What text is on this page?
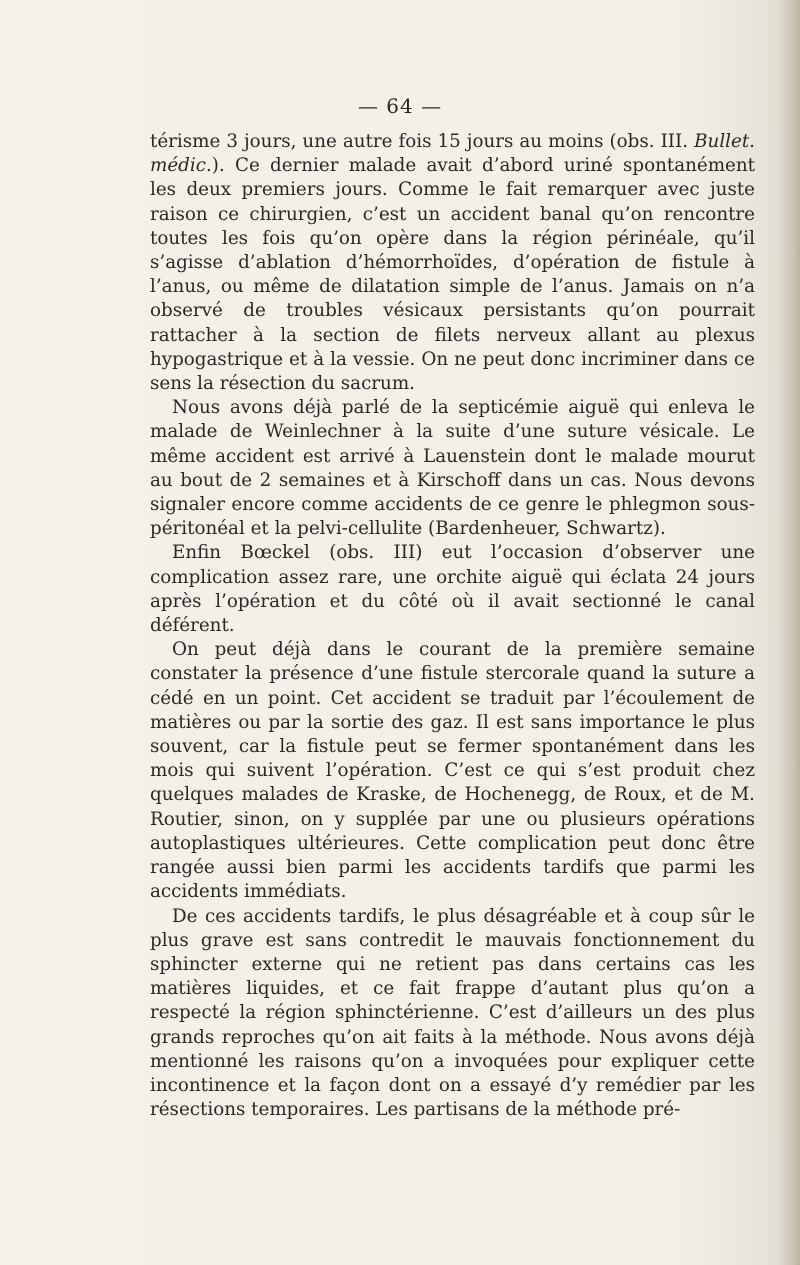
— 64 —

térisme 3 jours, une autre fois 15 jours au moins (obs. III. Bullet. médic.). Ce dernier malade avait d’abord uriné spontanément les deux premiers jours. Comme le fait remarquer avec juste raison ce chirurgien, c’est un accident banal qu’on rencontre toutes les fois qu’on opère dans la région périnéale, qu’il s’agisse d’ablation d’hémorrhoïdes, d’opération de fistule à l’anus, ou même de dilatation simple de l’anus. Jamais on n’a observé de troubles vésicaux persistants qu’on pourrait rattacher à la section de filets nerveux allant au plexus hypogastrique et à la vessie. On ne peut donc incriminer dans ce sens la résection du sacrum.

Nous avons déjà parlé de la septicémie aiguë qui enleva le malade de Weinlechner à la suite d’une suture vésicale. Le même accident est arrivé à Lauenstein dont le malade mourut au bout de 2 semaines et à Kirschoff dans un cas. Nous devons signaler encore comme accidents de ce genre le phlegmon sous-péritonéal et la pelvi-cellulite (Bardenheuer, Schwartz).

Enfin Bœckel (obs. III) eut l’occasion d’observer une complication assez rare, une orchite aiguë qui éclata 24 jours après l’opération et du côté où il avait sectionné le canal déférent.

On peut déjà dans le courant de la première semaine constater la présence d’une fistule stercorale quand la suture a cédé en un point. Cet accident se traduit par l’écoulement de matières ou par la sortie des gaz. Il est sans importance le plus souvent, car la fistule peut se fermer spontanément dans les mois qui suivent l’opération. C’est ce qui s’est produit chez quelques malades de Kraske, de Hochenegg, de Roux, et de M. Routier, sinon, on y supplée par une ou plusieurs opérations autoplastiques ultérieures. Cette complication peut donc être rangée aussi bien parmi les accidents tardifs que parmi les accidents immédiats.

De ces accidents tardifs, le plus désagréable et à coup sûr le plus grave est sans contredit le mauvais fonctionnement du sphincter externe qui ne retient pas dans certains cas les matières liquides, et ce fait frappe d’autant plus qu’on a respecté la région sphinctérienne. C’est d’ailleurs un des plus grands reproches qu’on ait faits à la méthode. Nous avons déjà mentionné les raisons qu’on a invoquées pour expliquer cette incontinence et la façon dont on a essayé d’y remédier par les résections temporaires. Les partisans de la méthode pré-
